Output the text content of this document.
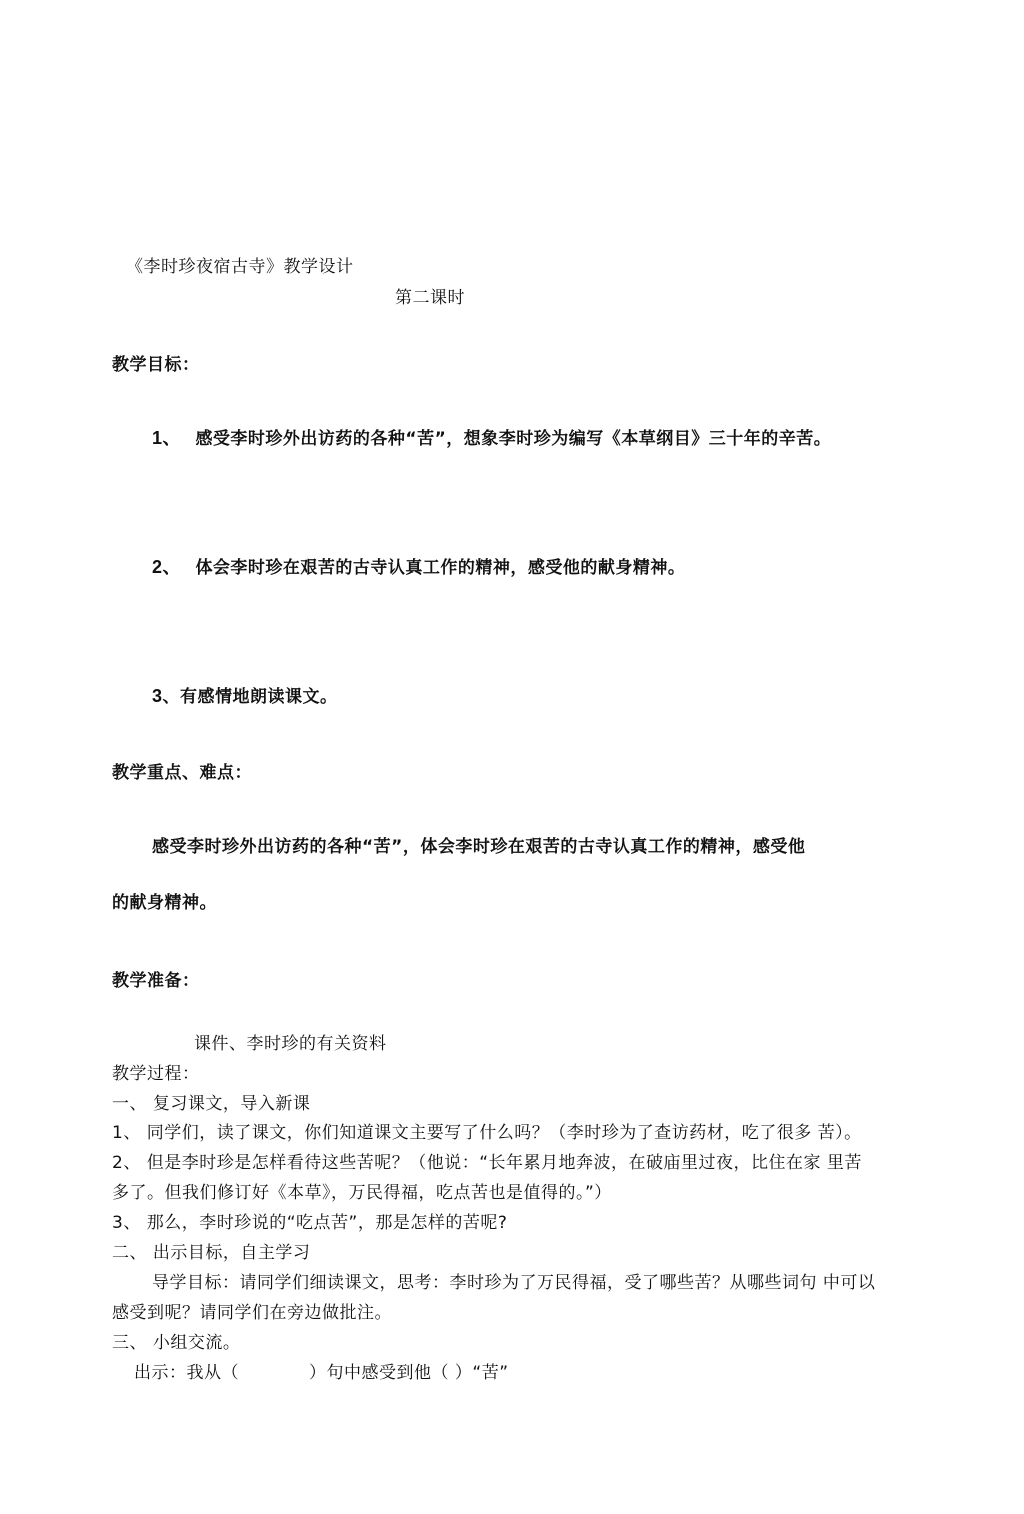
《李时珍夜宿古寺》教学设计
第二课时
教学目标：
1、 感受李时珍外出访药的各种“苦”，想象李时珍为编写《本草纲目》三十年的辛苦。
2、 体会李时珍在艰苦的古寺认真工作的精神，感受他的献身精神。
3、有感情地朗读课文。
教学重点、难点：
感受李时珍外出访药的各种“苦”，体会李时珍在艰苦的古寺认真工作的精神，感受他
的献身精神。
教学准备：
课件、李时珍的有关资料
教学过程：
一、 复习课文，导入新课
1、 同学们，读了课文，你们知道课文主要写了什么吗？（李时珍为了查访药材，吃了很多 苦）。
2、 但是李时珍是怎样看待这些苦呢？（他说：“长年累月地奔波，在破庙里过夜，比住在家 里苦
多了。但我们修订好《本草》，万民得福，吃点苦也是值得的。”）
3、 那么，李时珍说的“吃点苦”，那是怎样的苦呢?
二、 出示目标，自主学习
导学目标：请同学们细读课文，思考：李时珍为了万民得福，受了哪些苦？从哪些词句 中可以
感受到呢？请同学们在旁边做批注。
三、 小组交流。
出示：我从（　　　　）句中感受到他（ ）“苦”
